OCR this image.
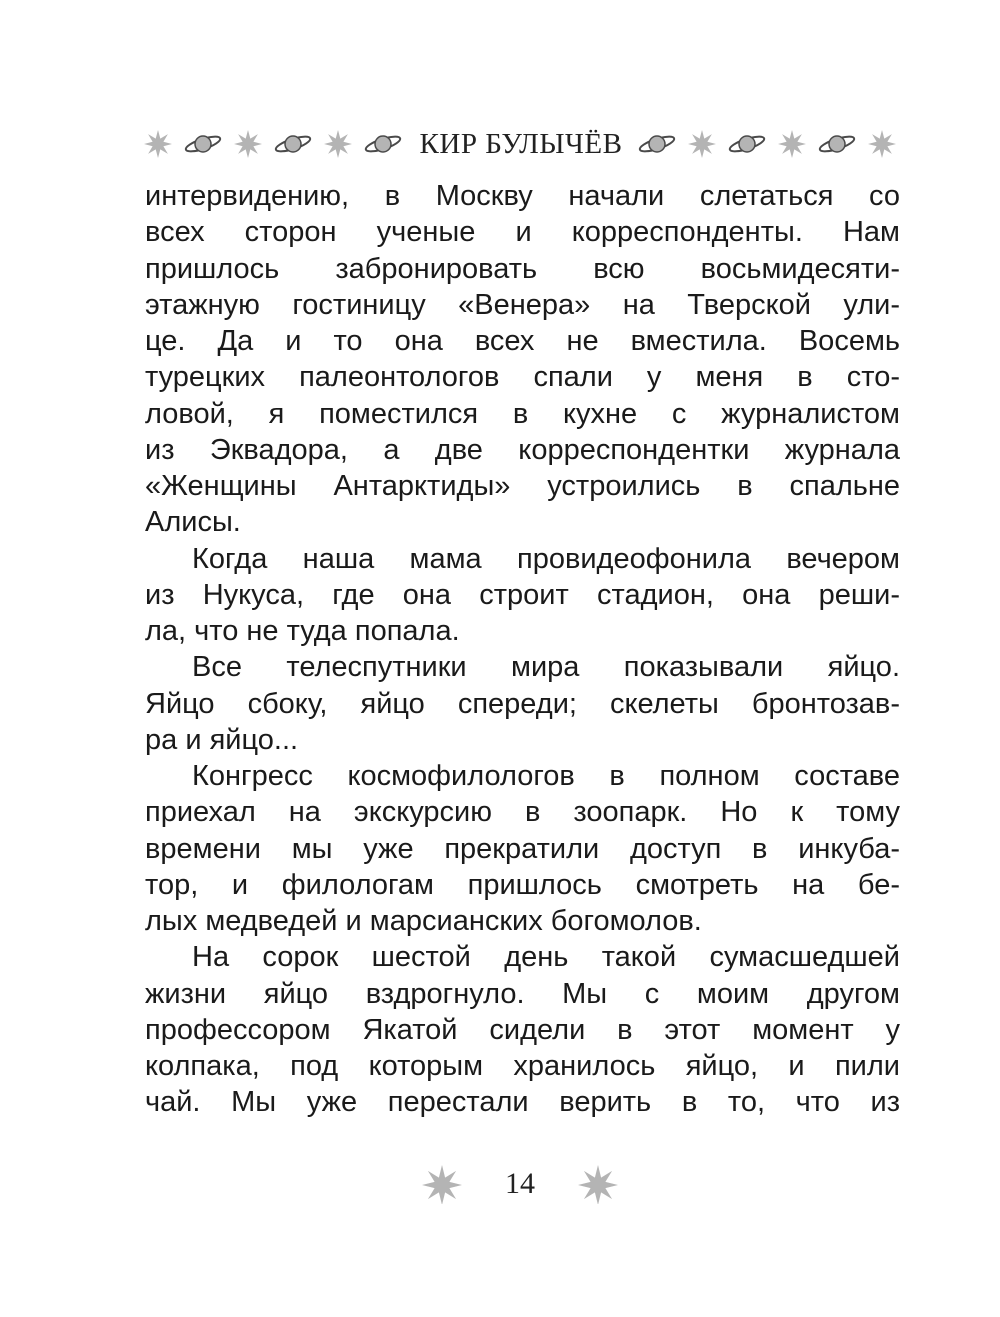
КИР БУЛЫЧЁВ
интервидению, в Москву начали слетаться со
всех сторон ученые и корреспонденты. Нам
пришлось забронировать всю восьмидесяти-
этажную гостиницу «Венера» на Тверской ули-
це. Да и то она всех не вместила. Восемь
турецких палеонтологов спали у меня в сто-
ловой, я поместился в кухне с журналистом
из Эквадора, а две корреспондентки журнала
«Женщины Антарктиды» устроились в спальне
Алисы.
Когда наша мама провидеофонила вечером
из Нукуса, где она строит стадион, она реши-
ла, что не туда попала.
Все телеспутники мира показывали яйцо.
Яйцо сбоку, яйцо спереди; скелеты бронтозав-
ра и яйцо...
Конгресс космофилологов в полном составе
приехал на экскурсию в зоопарк. Но к тому
времени мы уже прекратили доступ в инкуба-
тор, и филологам пришлось смотреть на бе-
лых медведей и марсианских богомолов.
На сорок шестой день такой сумасшедшей
жизни яйцо вздрогнуло. Мы с моим другом
профессором Якатой сидели в этот момент у
колпака, под которым хранилось яйцо, и пили
чай. Мы уже перестали верить в то, что из
14
